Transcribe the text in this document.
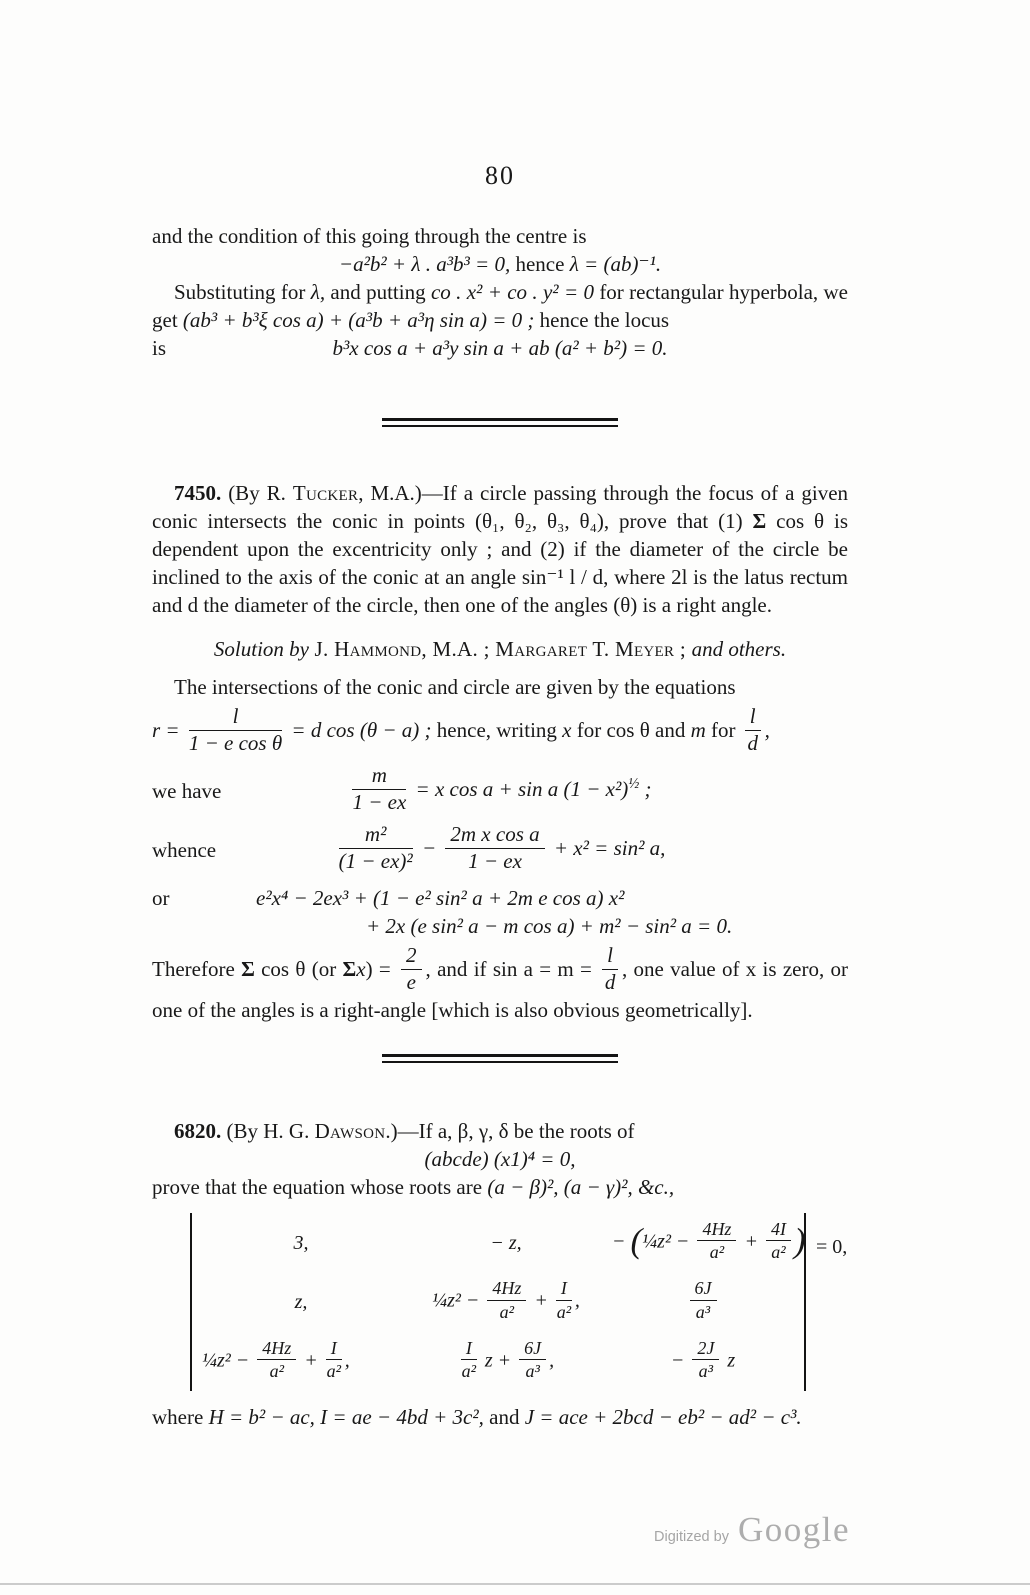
80

and the condition of this going through the centre is

−a²b² + λ . a³b³ = 0, hence λ = (ab)⁻¹.

Substituting for λ, and putting co . x² + co . y² = 0 for rectangular hyperbola, we get (ab³ + b³ξ cos a) + (a³b + a³η sin a) = 0 ; hence the locus

is	b³x cos a + a³y sin a + ab (a² + b²) = 0.

7450. (By R. Tucker, M.A.)—If a circle passing through the focus of a given conic intersects the conic in points (θ₁, θ₂, θ₃, θ₄), prove that (1) Σ cos θ is dependent upon the excentricity only ; and (2) if the diameter of the circle be inclined to the axis of the conic at an angle sin⁻¹ l / d, where 2l is the latus rectum and d the diameter of the circle, then one of the angles (θ) is a right angle.

Solution by J. Hammond, M.A. ; Margaret T. Meyer ; and others.

The intersections of the conic and circle are given by the equations

$r = \frac{l}{\text{1 − e cos θ}} = d$ cos (θ − a) ; hence, writing x for cos θ and m for $\frac{l}{d}$ ,
we have	$\frac{m}{1 - ex} = x$ cos a + sin a $(1 - x^2)^{\frac{1}{2}}$ ;
whence	$\frac{\text{m²}}{\text{(1 − ex)²}} - \frac{\text{2m x cos a}}{1 - ex} + x^2 = \sin^2$ a,
or	e²x⁴ − 2ex³ + (1 − e² sin² a + 2m e cos a) x²
+ 2x (e sin² a − m cos a) + m² − sin² a = 0.

Therefore Σ cos θ (or $\Sigma x) = \frac{2}{e}$ , and if $\sin a = m = \frac{l}{d}$ , one value of x is zero, or one of the angles is a right-angle [which is also obvious geometrically].

6820. (By H. G. Dawson.)—If a, β, γ, δ be the roots of

(abcde) (x1)⁴ = 0,

prove that the equation whose roots are (a − β)², (a − γ)², &c.,

3,	− z,	− (¼z² − $\frac{4Hz}{\text{a²}} + \frac{4I}{\text{a²}}$ )
z,	¼z² − $\frac{4Hz}{\text{a²}} + \frac{I}{\text{a²}}$ ,	$\frac{6J}{\text{a³}}$
¼z² − $\frac{4Hz}{\text{a²}} + \frac{I}{\text{a²}}$ ,	$\frac{I}{\text{a²}}$ $z + \frac{6J}{\text{a³}}$ ,	− $\frac{2J}{\text{a³}}$ z
= 0,

where H = b² − ac, I = ae − 4bd + 3c², and J = ace + 2bcd − eb² − ad² − c³.

Digitized by Google
